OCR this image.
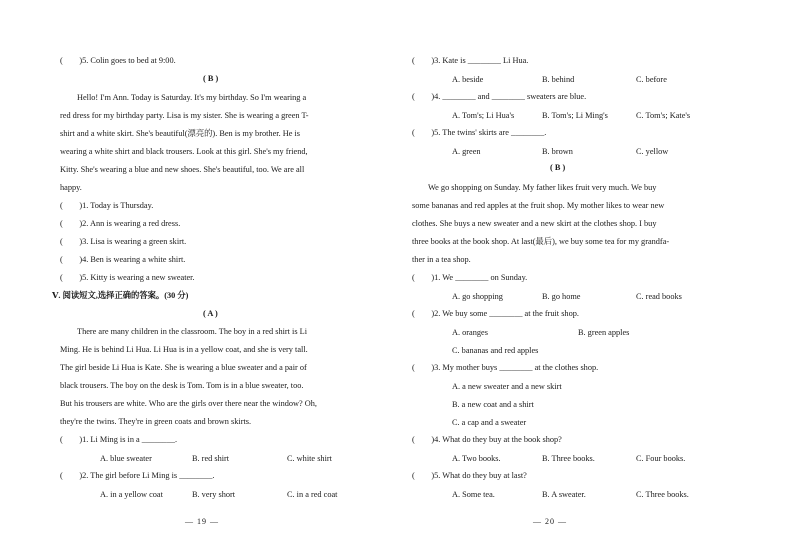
(　　)5. Colin goes to bed at 9:00.
( B )
Hello! I'm Ann. Today is Saturday. It's my birthday. So I'm wearing a
red dress for my birthday party. Lisa is my sister. She is wearing a green T-
shirt and a white skirt. She's beautiful(漂亮的). Ben is my brother. He is
wearing a white shirt and black trousers. Look at this girl. She's my friend,
Kitty. She's wearing a blue and new shoes. She's beautiful, too. We are all
happy.
(　　)1. Today is Thursday.
(　　)2. Ann is wearing a red dress.
(　　)3. Lisa is wearing a green skirt.
(　　)4. Ben is wearing a white shirt.
(　　)5. Kitty is wearing a new sweater.
Ⅴ. 阅读短文,选择正确的答案。(30 分)
( A )
There are many children in the classroom. The boy in a red shirt is Li
Ming. He is behind Li Hua. Li Hua is in a yellow coat, and she is very tall.
The girl beside Li Hua is Kate. She is wearing a blue sweater and a pair of
black trousers. The boy on the desk is Tom. Tom is in a blue sweater, too.
But his trousers are white. Who are the girls over there near the window? Oh,
they're the twins. They're in green coats and brown skirts.
(　　)1. Li Ming is in a ________.
A. blue sweater	B. red shirt	C. white shirt
(　　)2. The girl before Li Ming is ________.
A. in a yellow coat	B. very short	C. in a red coat
— 19 —
(　　)3. Kate is ________ Li Hua.
A. beside	B. behind	C. before
(　　)4. ________ and ________ sweaters are blue.
A. Tom's; Li Hua's	B. Tom's; Li Ming's	C. Tom's; Kate's
(　　)5. The twins' skirts are ________.
A. green	B. brown	C. yellow
( B )
We go shopping on Sunday. My father likes fruit very much. We buy
some bananas and red apples at the fruit shop. My mother likes to wear new
clothes. She buys a new sweater and a new skirt at the clothes shop. I buy
three books at the book shop. At last(最后), we buy some tea for my grandfa-
ther in a tea shop.
(　　)1. We ________ on Sunday.
A. go shopping	B. go home	C. read books
(　　)2. We buy some ________ at the fruit shop.
A. oranges	B. green apples
C. bananas and red apples
(　　)3. My mother buys ________ at the clothes shop.
A. a new sweater and a new skirt
B. a new coat and a shirt
C. a cap and a sweater
(　　)4. What do they buy at the book shop?
A. Two books.	B. Three books.	C. Four books.
(　　)5. What do they buy at last?
A. Some tea.	B. A sweater.	C. Three books.
— 20 —
